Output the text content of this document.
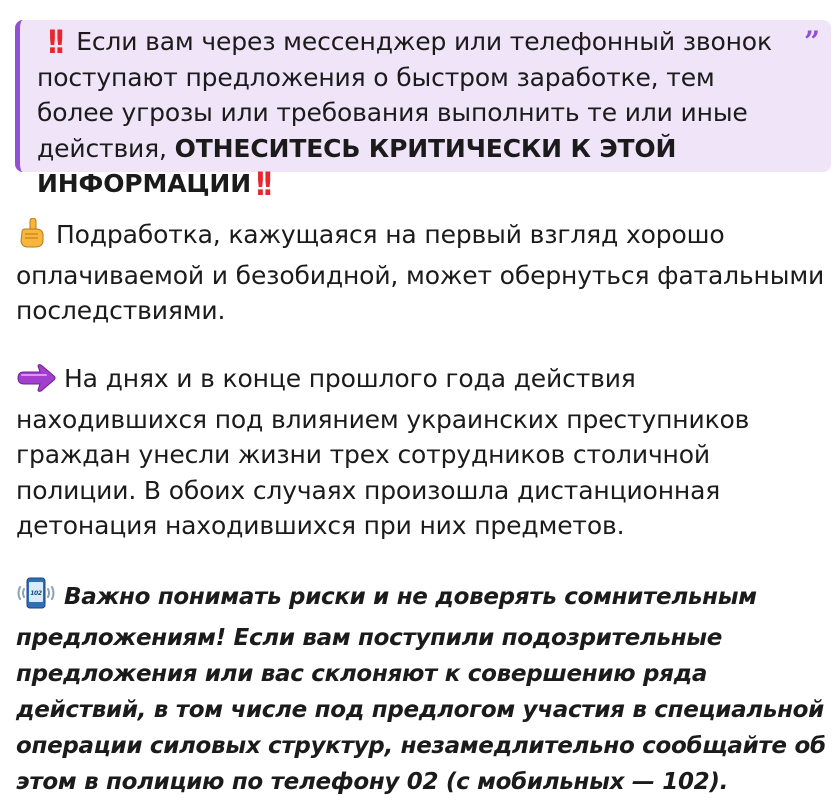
”
!! Если вам через мессенджер или телефонный звонок поступают предложения о быстром заработке, тем более угрозы или требования выполнить те или иные действия, ОТНЕСИТЕСЬ КРИТИЧЕСКИ К ЭТОЙ ИНФОРМАЦИИ !!
Подработка, кажущаяся на первый взгляд хорошо оплачиваемой и безобидной, может обернуться фатальными последствиями.
На днях и в конце прошлого года действия находившихся под влиянием украинских преступников граждан унесли жизни трех сотрудников столичной полиции. В обоих случаях произошла дистанционная детонация находившихся при них предметов.
102 Важно понимать риски и не доверять сомнительным предложениям! Если вам поступили подозрительные предложения или вас склоняют к совершению ряда действий, в том числе под предлогом участия в специальной операции силовых структур, незамедлительно сообщайте об этом в полицию по телефону 02 (с мобильных — 102).
